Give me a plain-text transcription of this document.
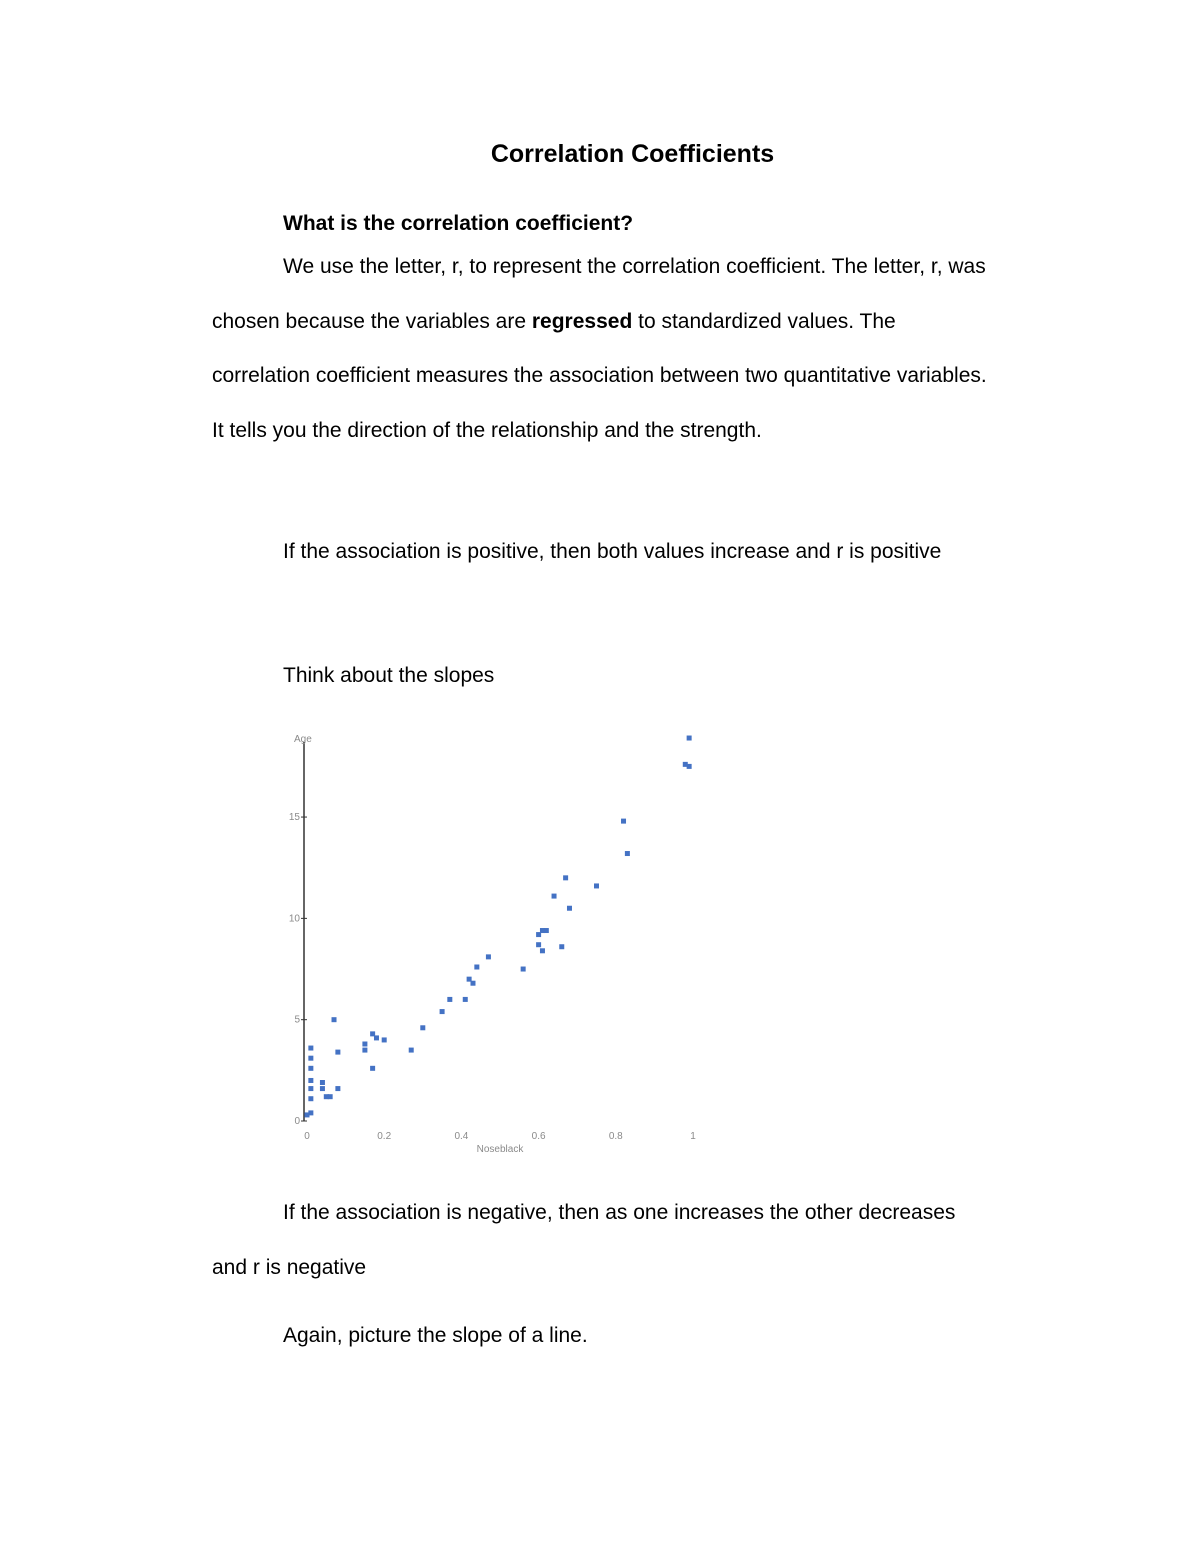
Correlation Coefficients
What is the correlation coefficient?

We use the letter, r, to represent the correlation coefficient. The letter, r, was chosen because the variables are regressed to standardized values. The correlation coefficient measures the association between two quantitative variables. It tells you the direction of the relationship and the strength.

If the association is positive, then both values increase and r is positive

Think about the slopes

0
5
10
15
0	0.2	0.4	0.6	0.8	1
Age
Noseblack

If the association is negative, then as one increases the other decreases and r is negative

Again, picture the slope of a line.
